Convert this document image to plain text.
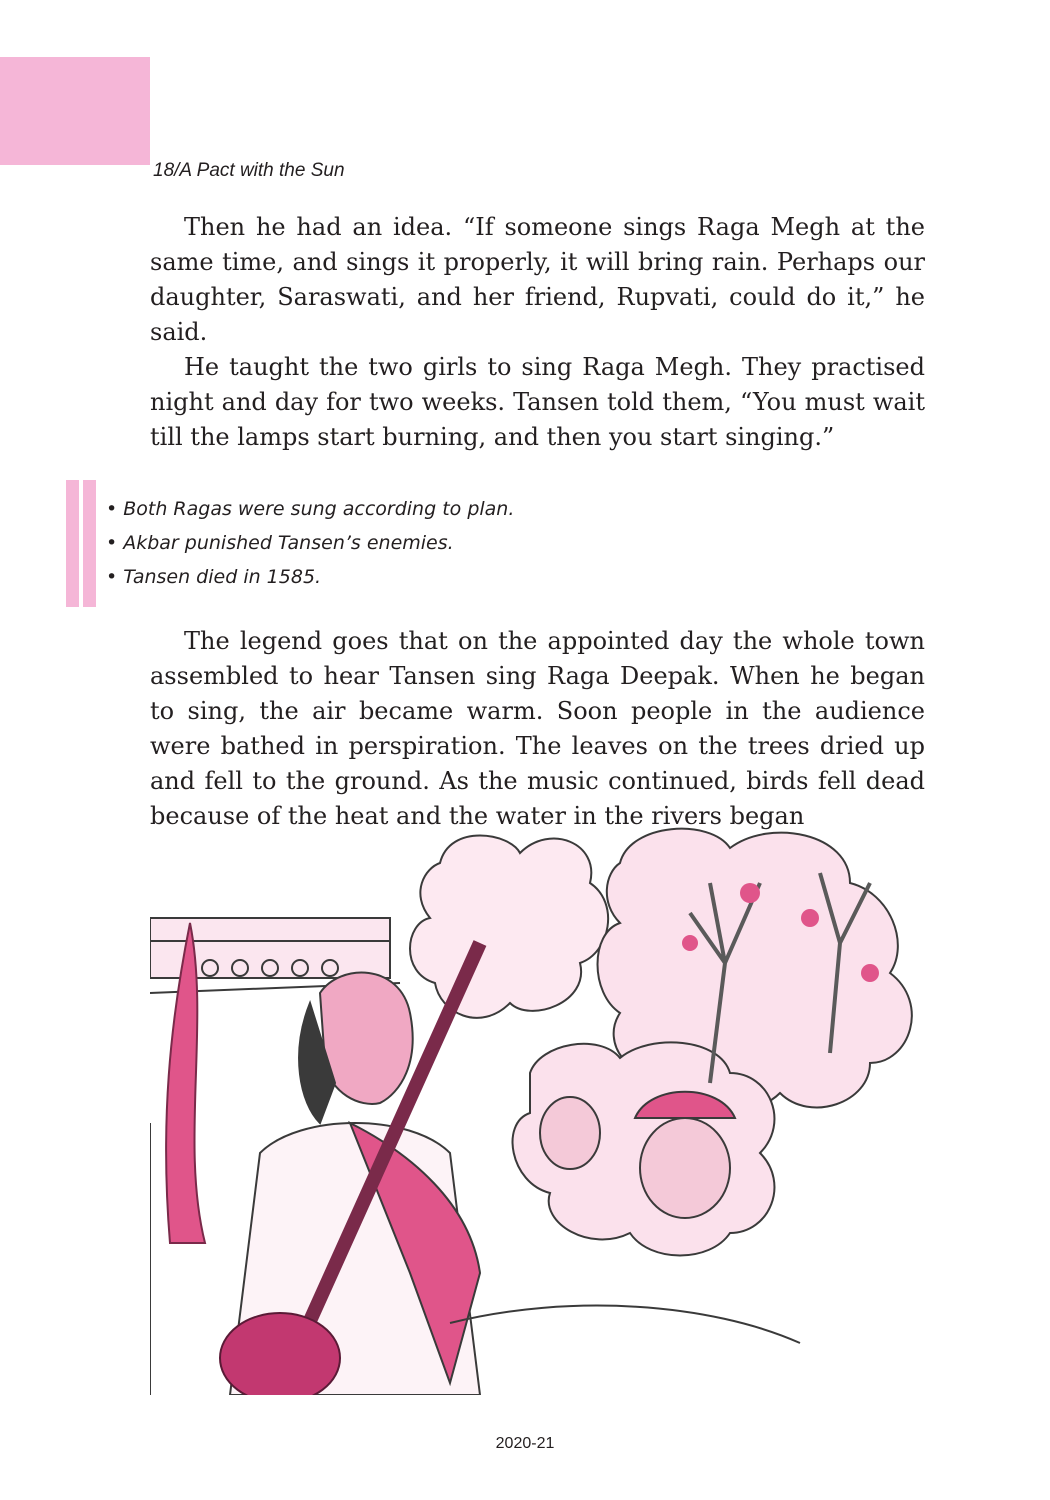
18/A Pact with the Sun

Then he had an idea. “If someone sings Raga Megh at the same time, and sings it properly, it will bring rain. Perhaps our daughter, Saraswati, and her friend, Rupvati, could do it,” he said.

He taught the two girls to sing Raga Megh. They practised night and day for two weeks. Tansen told them, “You must wait till the lamps start burning, and then you start singing.”

• Both Ragas were sung according to plan.
• Akbar punished Tansen’s enemies.
• Tansen died in 1585.

The legend goes that on the appointed day the whole town assembled to hear Tansen sing Raga Deepak. When he began to sing, the air became warm. Soon people in the audience were bathed in perspiration. The leaves on the trees dried up and fell to the ground. As the music continued, birds fell dead because of the heat and the water in the rivers began

2020-21
